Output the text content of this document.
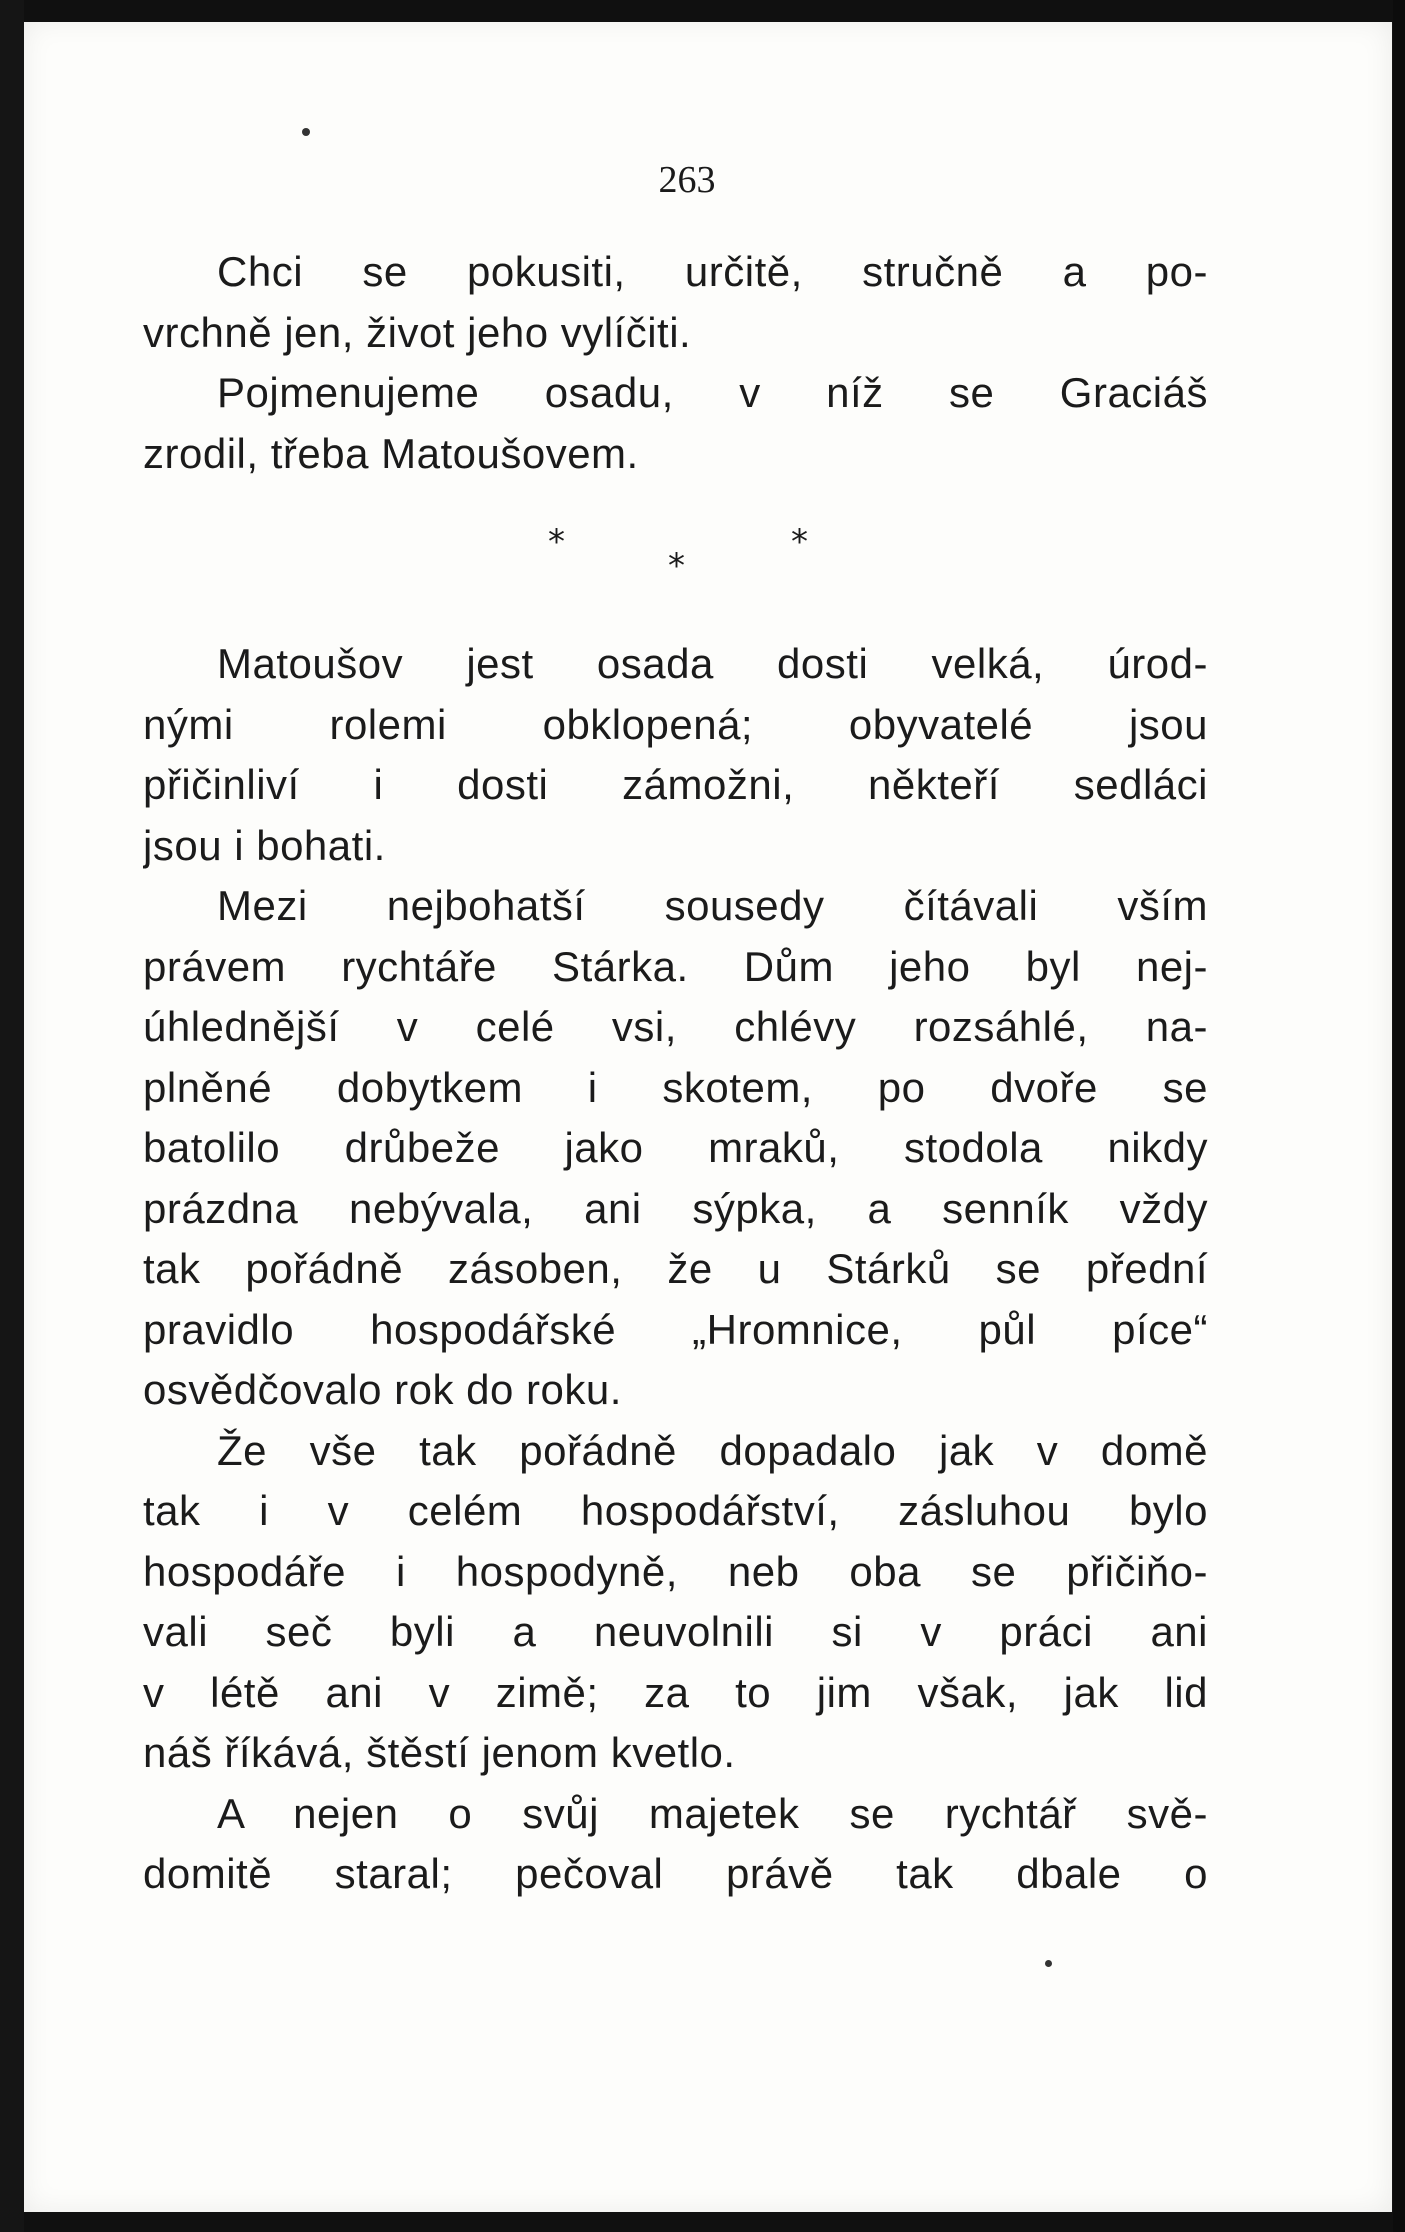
263
Chci se pokusiti, určitě, stručně a po-
vrchně jen, život jeho vylíčiti.
Pojmenujeme osadu, v níž se Graciáš
zrodil, třeba Matoušovem.
*
*
*
Matoušov jest osada dosti velká, úrod-
nými rolemi obklopená; obyvatelé jsou
přičinliví i dosti zámožni, někteří sedláci
jsou i bohati.
Mezi nejbohatší sousedy čítávali vším
právem rychtáře Stárka. Dům jeho byl nej-
úhlednější v celé vsi, chlévy rozsáhlé, na-
plněné dobytkem i skotem, po dvoře se
batolilo drůbeže jako mraků, stodola nikdy
prázdna nebývala, ani sýpka, a senník vždy
tak pořádně zásoben, že u Stárků se přední
pravidlo hospodářské „Hromnice, půl píce“
osvědčovalo rok do roku.
Že vše tak pořádně dopadalo jak v domě
tak i v celém hospodářství, zásluhou bylo
hospodáře i hospodyně, neb oba se přičiňo-
vali seč byli a neuvolnili si v práci ani
v létě ani v zimě; za to jim však, jak lid
náš říkává, štěstí jenom kvetlo.
A nejen o svůj majetek se rychtář svě-
domitě staral; pečoval právě tak dbale o
